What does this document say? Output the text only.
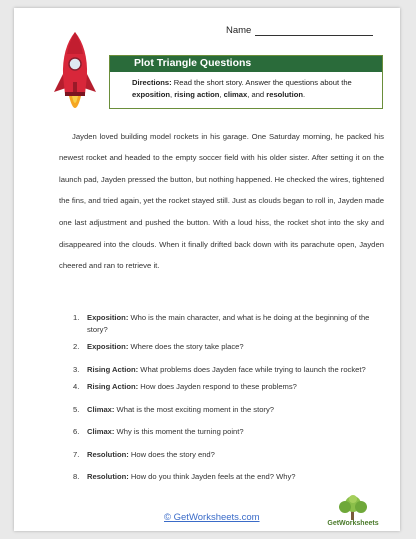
Name
Plot Triangle Questions
Directions: Read the short story. Answer the questions about the exposition, rising action, climax, and resolution.

Jayden loved building model rockets in his garage. One Saturday morning, he packed his newest rocket and headed to the empty soccer field with his older sister. After setting it on the launch pad, Jayden pressed the button, but nothing happened. He checked the wires, tightened the fins, and tried again, yet the rocket stayed still. Just as clouds began to roll in, Jayden made one last adjustment and pushed the button. With a loud hiss, the rocket shot into the sky and disappeared into the clouds. When it finally drifted back down with its parachute open, Jayden cheered and ran to retrieve it.

1. Exposition: Who is the main character, and what is he doing at the beginning of the story?
2. Exposition: Where does the story take place?
3. Rising Action: What problems does Jayden face while trying to launch the rocket?
4. Rising Action: How does Jayden respond to these problems?
5. Climax: What is the most exciting moment in the story?
6. Climax: Why is this moment the turning point?
7. Resolution: How does the story end?
8. Resolution: How do you think Jayden feels at the end? Why?
© GetWorksheets.com
GetWorksheets
